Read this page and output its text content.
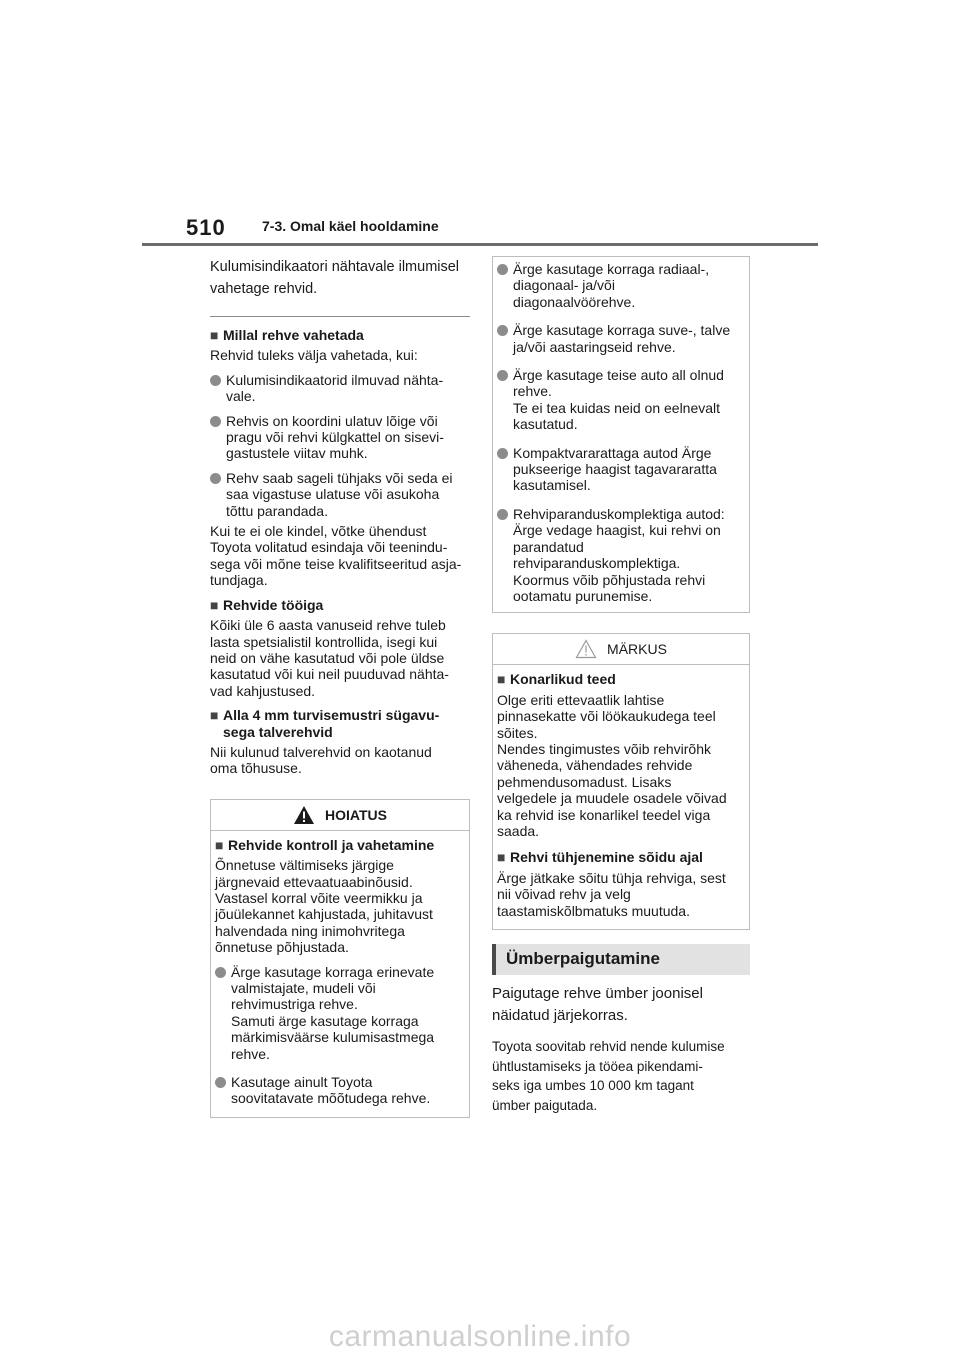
510	7-3. Omal käel hooldamine

Kulumisindikaatori nähtavale ilmumisel vahetage rehvid.

■ Millal rehve vahetada

Rehvid tuleks välja vahetada, kui:

Kulumisindikaatorid ilmuvad nähta-
vale.
Rehvis on koordini ulatuv lõige või
pragu või rehvi külgkattel on sisevi-
gastustele viitav muhk.
Rehv saab sageli tühjaks või seda ei
saa vigastuse ulatuse või asukoha
tõttu parandada.

Kui te ei ole kindel, võtke ühendust
Toyota volitatud esindaja või teenindu-
sega või mõne teise kvalifitseeritud asja-
tundjaga.

■ Rehvide tööiga

Kõiki üle 6 aasta vanuseid rehve tuleb
lasta spetsialistil kontrollida, isegi kui
neid on vähe kasutatud või pole üldse
kasutatud või kui neil puuduvad nähta-
vad kahjustused.

■ Alla 4 mm turvisemustri sügavu-
sega talverehvid

Nii kulunud talverehvid on kaotanud
oma tõhususe.

HOIATUS
■ Rehvide kontroll ja vahetamine

Õnnetuse vältimiseks järgige
järgnevaid ettevaatuaabinõusid.
Vastasel korral võite veermikku ja
jõuülekannet kahjustada, juhitavust
halvendada ning inimohvritega
õnnetuse põhjustada.

Ärge kasutage korraga erinevate
valmistajate, mudeli või
rehvimustriga rehve.
Samuti ärge kasutage korraga
märkimisväärse kulumisastmega
rehve.
Kasutage ainult Toyota
soovitatavate mõõtudega rehve.
Ärge kasutage korraga radiaal-,
diagonaal- ja/või
diagonaalvöörehve.
Ärge kasutage korraga suve-, talve
ja/või aastaringseid rehve.
Ärge kasutage teise auto all olnud
rehve.
Te ei tea kuidas neid on eelnevalt
kasutatud.
Kompaktvararattaga autod Ärge
pukseerige haagist tagavararatta
kasutamisel.
Rehviparanduskomplektiga autod:
Ärge vedage haagist, kui rehvi on
parandatud
rehviparanduskomplektiga.
Koormus võib põhjustada rehvi
ootamatu purunemise.
MÄRKUS
■ Konarlikud teed

Olge eriti ettevaatlik lahtise
pinnasekatte või löökaukudega teel
sõites.
Nendes tingimustes võib rehvirõhk
väheneda, vähendades rehvide
pehmendusomadust. Lisaks
velgedele ja muudele osadele võivad
ka rehvid ise konarlikel teedel viga
saada.

■ Rehvi tühjenemine sõidu ajal

Ärge jätkake sõitu tühja rehviga, sest
nii võivad rehv ja velg
taastamiskõlbmatuks muutuda.

Ümberpaigutamine

Paigutage rehve ümber joonisel
näidatud järjekorras.

Toyota soovitab rehvid nende kulumise
ühtlustamiseks ja tööea pikendami-
seks iga umbes 10 000 km tagant
ümber paigutada.

carmanualsonline.info
